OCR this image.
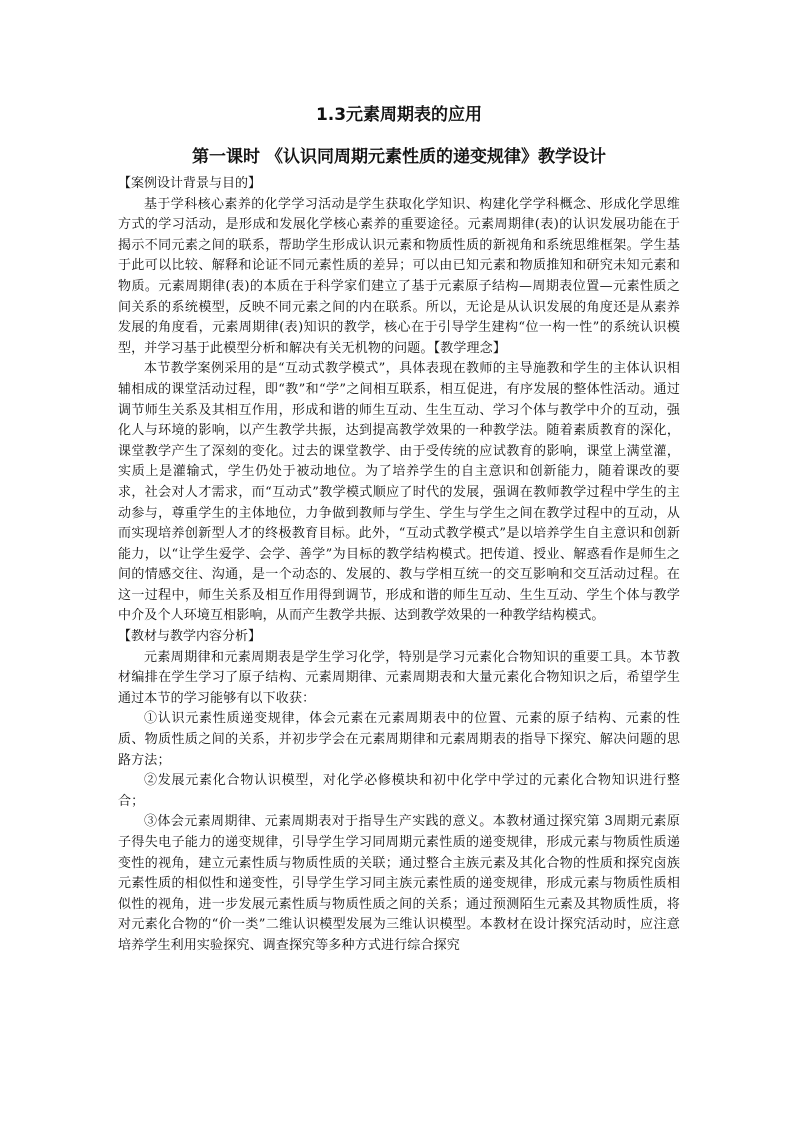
1.3元素周期表的应用
第一课时 《认识同周期元素性质的递变规律》教学设计
【案例设计背景与目的】

基于学科核心素养的化学学习活动是学生获取化学知识、构建化学学科概念、形成化学思维方式的学习活动，是形成和发展化学核心素养的重要途径。元素周期律(表)的认识发展功能在于揭示不同元素之间的联系，帮助学生形成认识元素和物质性质的新视角和系统思维框架。学生基于此可以比较、解释和论证不同元素性质的差异；可以由已知元素和物质推知和研究未知元素和物质。元素周期律(表)的本质在于科学家们建立了基于元素原子结构—周期表位置—元素性质之间关系的系统模型，反映不同元素之间的内在联系。所以，无论是从认识发展的角度还是从素养发展的角度看，元素周期律(表)知识的教学，核心在于引导学生建构“位一构一性”的系统认识模型，并学习基于此模型分析和解决有关无机物的问题。【教学理念】

本节教学案例采用的是“互动式教学模式”，具体表现在教师的主导施教和学生的主体认识相辅相成的课堂活动过程，即“教”和“学”之间相互联系，相互促进，有序发展的整体性活动。通过调节师生关系及其相互作用，形成和谐的师生互动、生生互动、学习个体与教学中介的互动，强化人与环境的影响，以产生教学共振，达到提高教学效果的一种教学法。随着素质教育的深化，课堂教学产生了深刻的变化。过去的课堂教学、由于受传统的应试教育的影响，课堂上满堂灌，实质上是灌输式，学生仍处于被动地位。为了培养学生的自主意识和创新能力，随着课改的要求，社会对人才需求，而“互动式”教学模式顺应了时代的发展，强调在教师教学过程中学生的主动参与，尊重学生的主体地位，力争做到教师与学生、学生与学生之间在教学过程中的互动，从而实现培养创新型人才的终极教育目标。此外，“互动式教学模式”是以培养学生自主意识和创新能力，以“让学生爱学、会学、善学”为目标的教学结构模式。把传道、授业、解惑看作是师生之间的情感交往、沟通，是一个动态的、发展的、教与学相互统一的交互影响和交互活动过程。在这一过程中，师生关系及相互作用得到调节，形成和谐的师生互动、生生互动、学生个体与教学中介及个人环境互相影响，从而产生教学共振、达到教学效果的一种教学结构模式。

【教材与教学内容分析】

元素周期律和元素周期表是学生学习化学，特别是学习元素化合物知识的重要工具。本节教材编排在学生学习了原子结构、元素周期律、元素周期表和大量元素化合物知识之后，希望学生通过本节的学习能够有以下收获：

①认识元素性质递变规律，体会元素在元素周期表中的位置、元素的原子结构、元素的性质、物质性质之间的关系，并初步学会在元素周期律和元素周期表的指导下探究、解决问题的思路方法；

②发展元素化合物认识模型，对化学必修模块和初中化学中学过的元素化合物知识进行整合；

③体会元素周期律、元素周期表对于指导生产实践的意义。本教材通过探究第 3周期元素原子得失电子能力的递变规律，引导学生学习同周期元素性质的递变规律，形成元素与物质性质递变性的视角，建立元素性质与物质性质的关联；通过整合主族元素及其化合物的性质和探究卤族元素性质的相似性和递变性，引导学生学习同主族元素性质的递变规律，形成元素与物质性质相似性的视角，进一步发展元素性质与物质性质之间的关系；通过预测陌生元素及其物质性质，将对元素化合物的“价一类”二维认识模型发展为三维认识模型。本教材在设计探究活动时，应注意培养学生利用实验探究、调查探究等多种方式进行综合探究
